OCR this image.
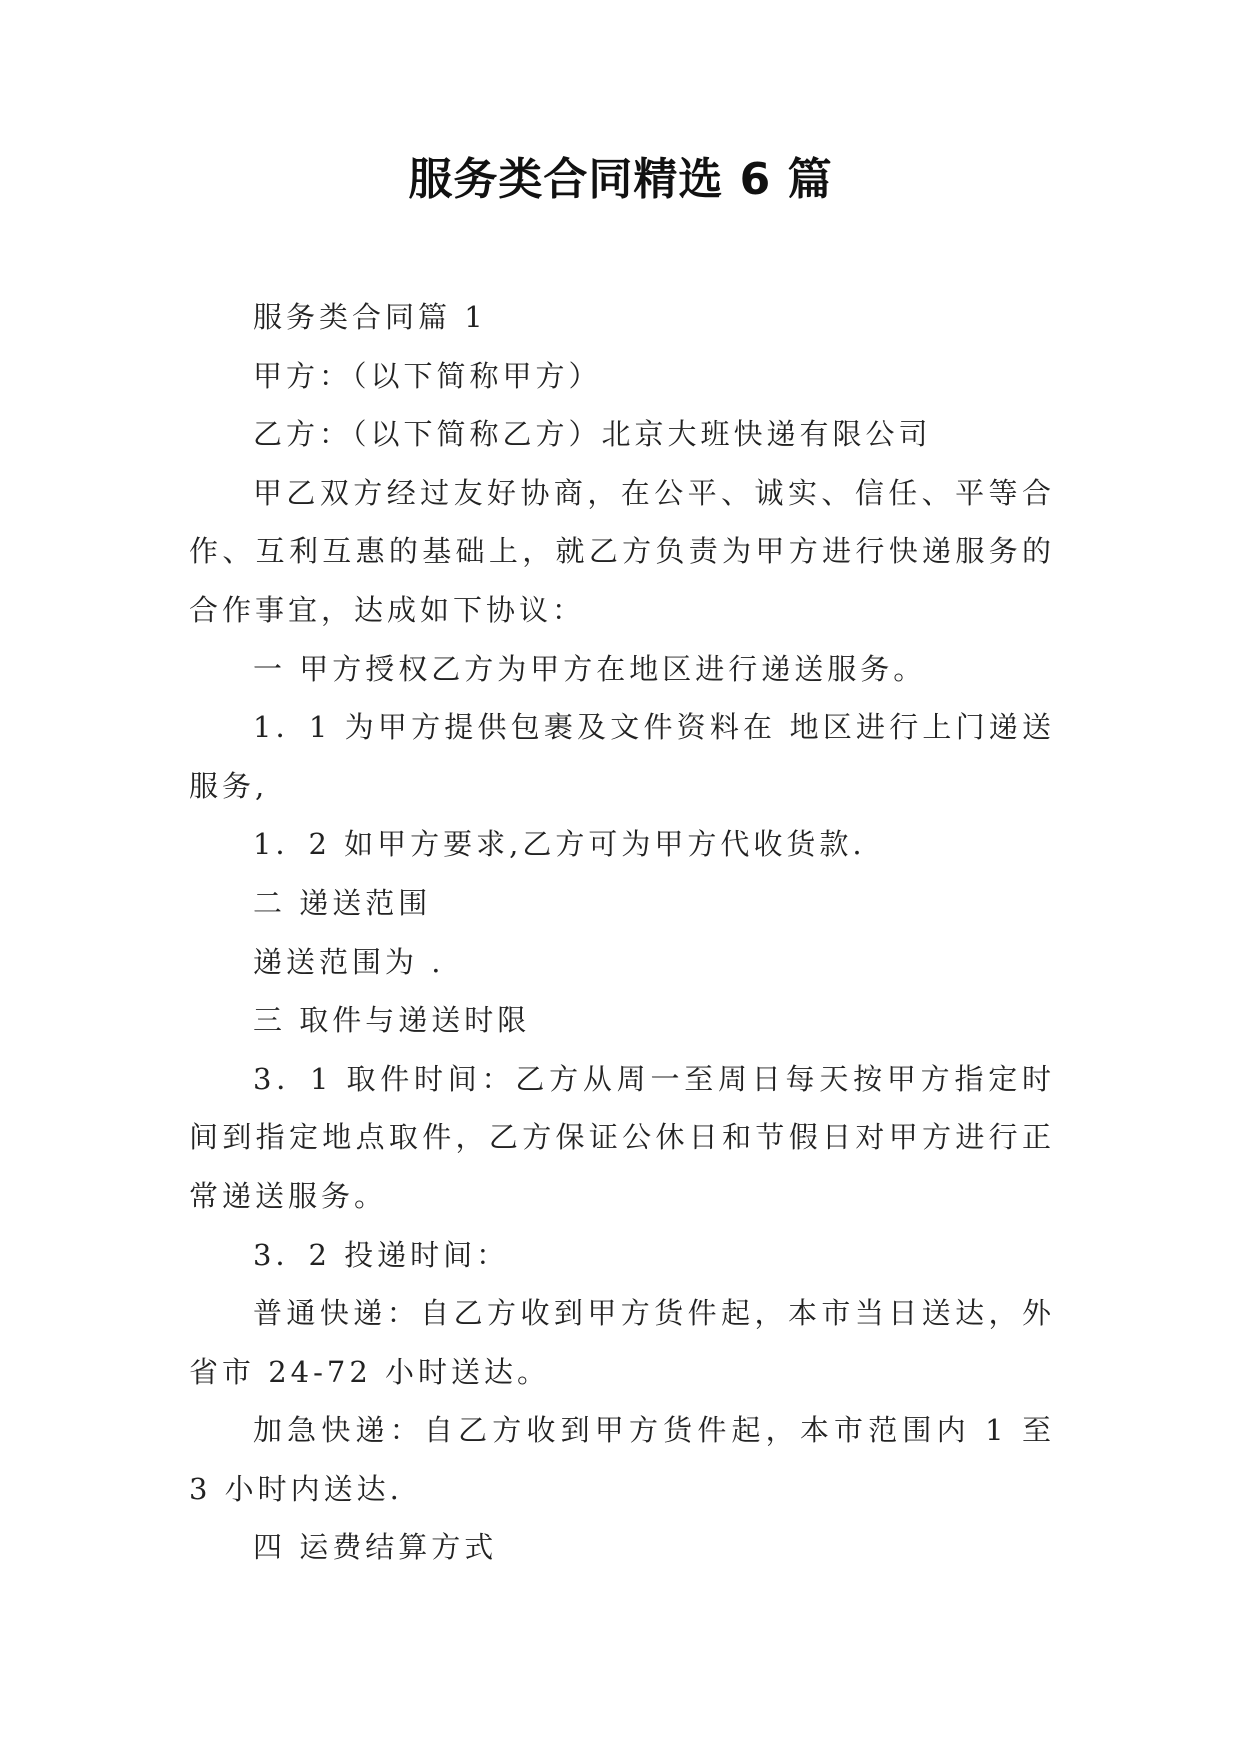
服务类合同精选 6 篇

服务类合同篇 1

甲方：（以下简称甲方）

乙方：（以下简称乙方）北京大班快递有限公司

甲乙双方经过友好协商，在公平、诚实、信任、平等合作、互利互惠的基础上，就乙方负责为甲方进行快递服务的合作事宜，达成如下协议：

一 甲方授权乙方为甲方在地区进行递送服务。

1．1 为甲方提供包裹及文件资料在 地区进行上门递送服务,

1．2 如甲方要求,乙方可为甲方代收货款.

二 递送范围

递送范围为 .

三 取件与递送时限

3．1 取件时间：乙方从周一至周日每天按甲方指定时间到指定地点取件，乙方保证公休日和节假日对甲方进行正常递送服务。

3．2 投递时间：

普通快递：自乙方收到甲方货件起，本市当日送达，外省市 24-72 小时送达。

加急快递：自乙方收到甲方货件起，本市范围内 1 至 3 小时内送达.

四 运费结算方式
